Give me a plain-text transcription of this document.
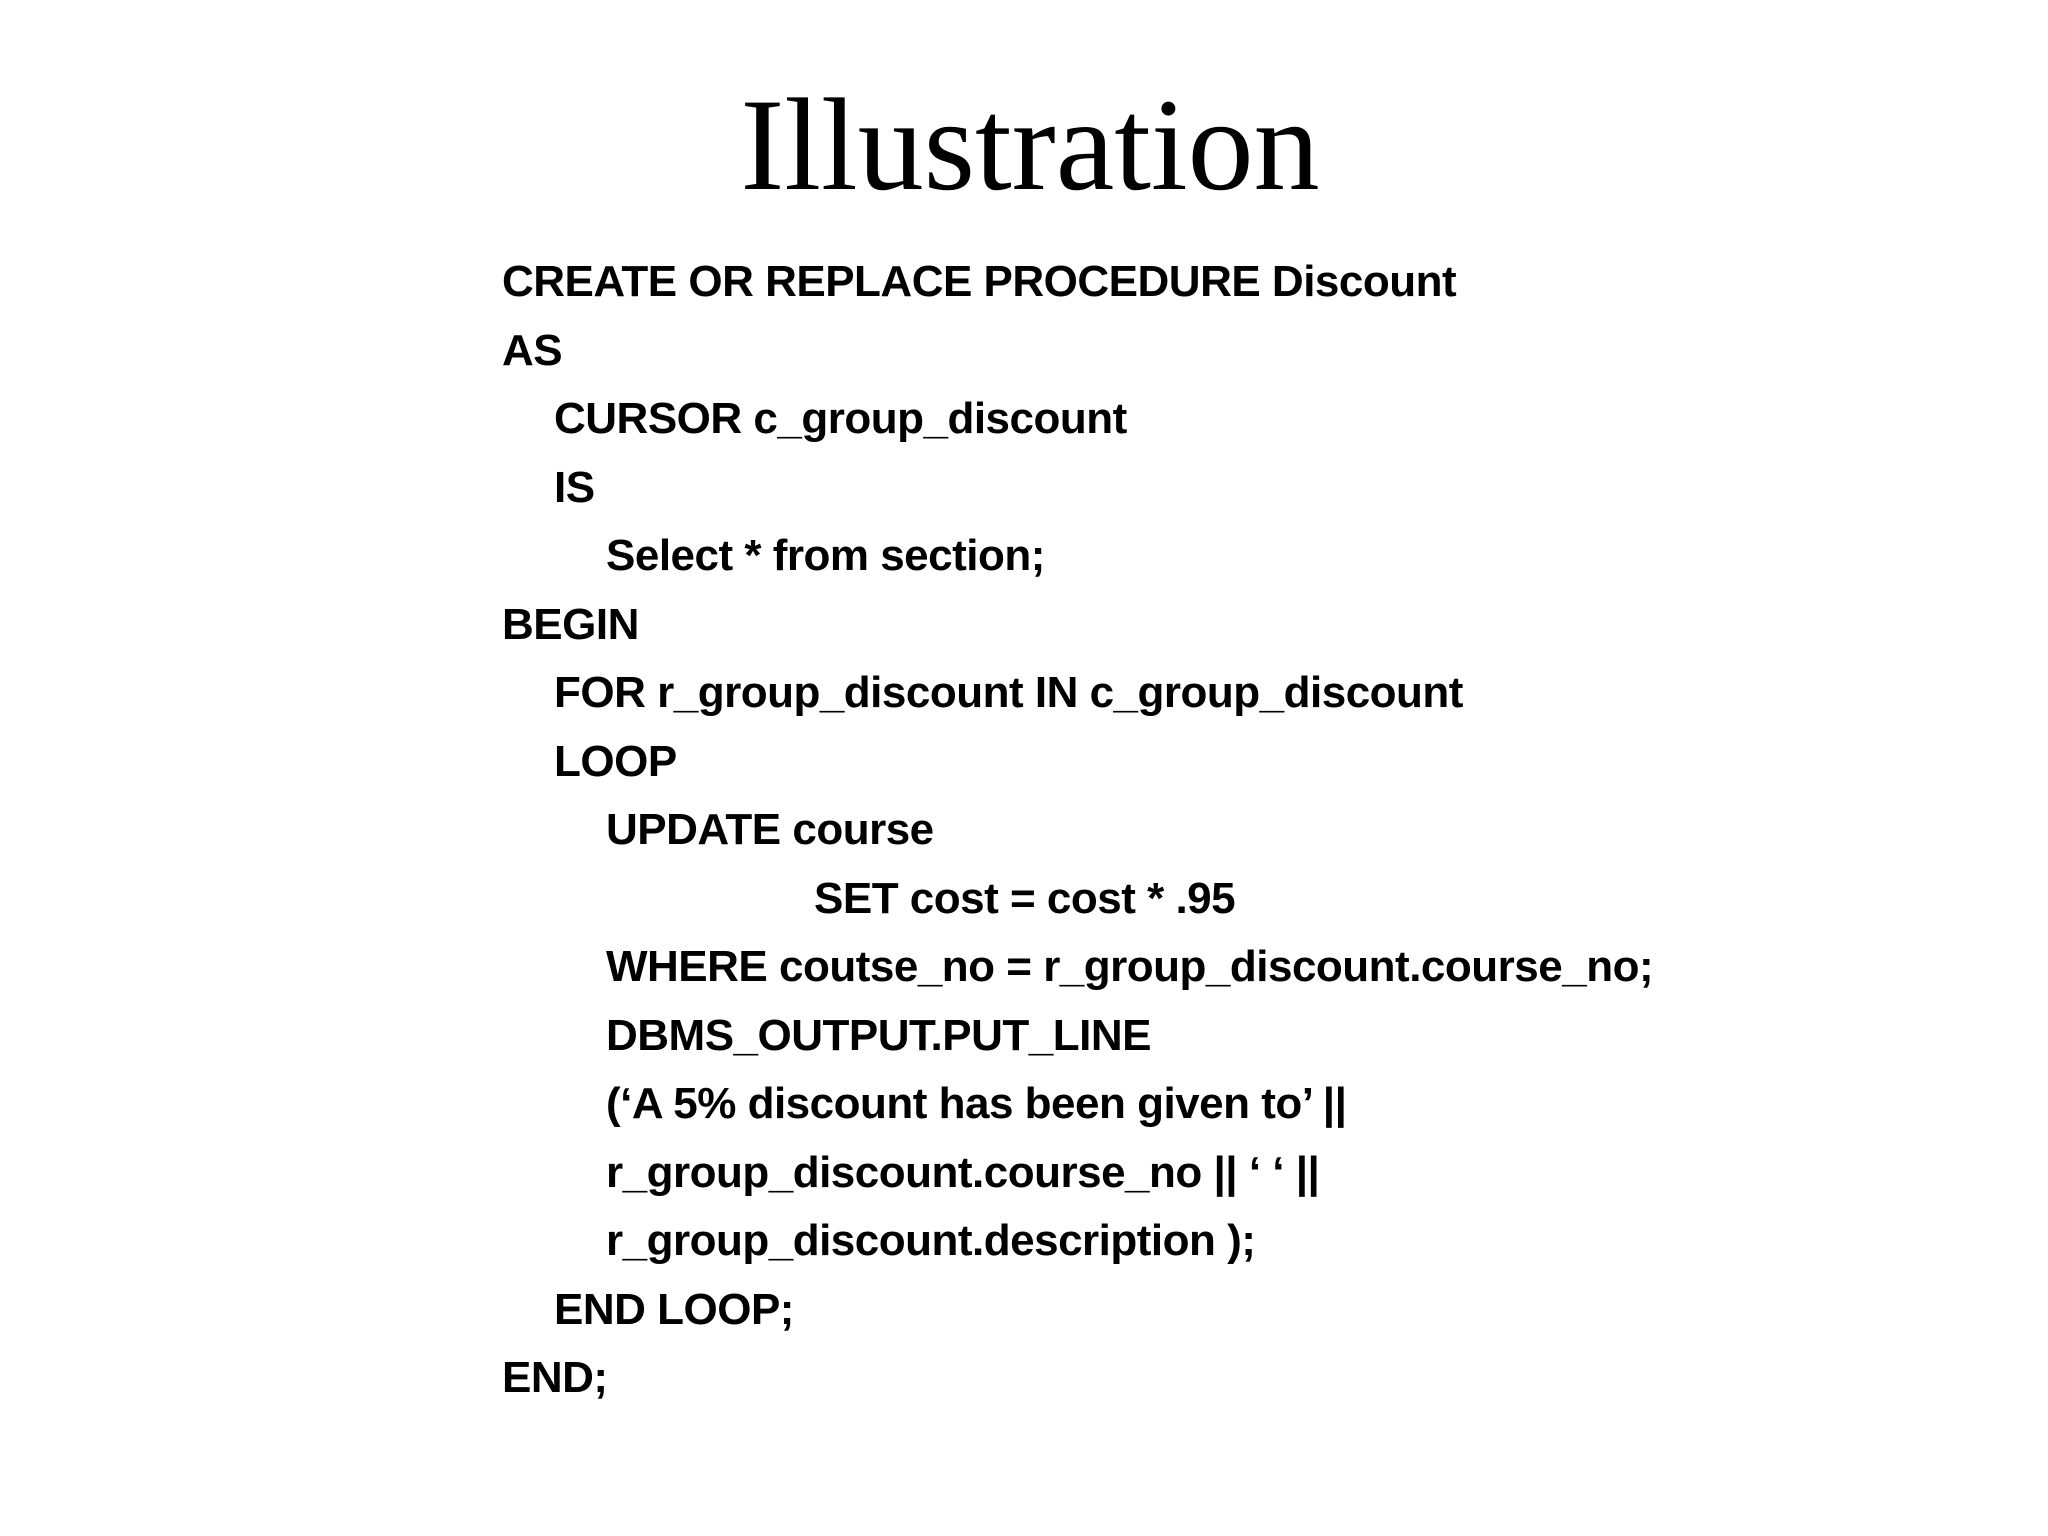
Illustration
CREATE OR REPLACE PROCEDURE Discount
AS
CURSOR c_group_discount
IS
Select * from section;
BEGIN
FOR r_group_discount IN c_group_discount
LOOP
UPDATE course
SET cost = cost * .95
WHERE coutse_no = r_group_discount.course_no;
DBMS_OUTPUT.PUT_LINE
(‘A 5% discount has been given to’ ||
r_group_discount.course_no || ‘ ‘ ||
r_group_discount.description );
END LOOP;
END;
